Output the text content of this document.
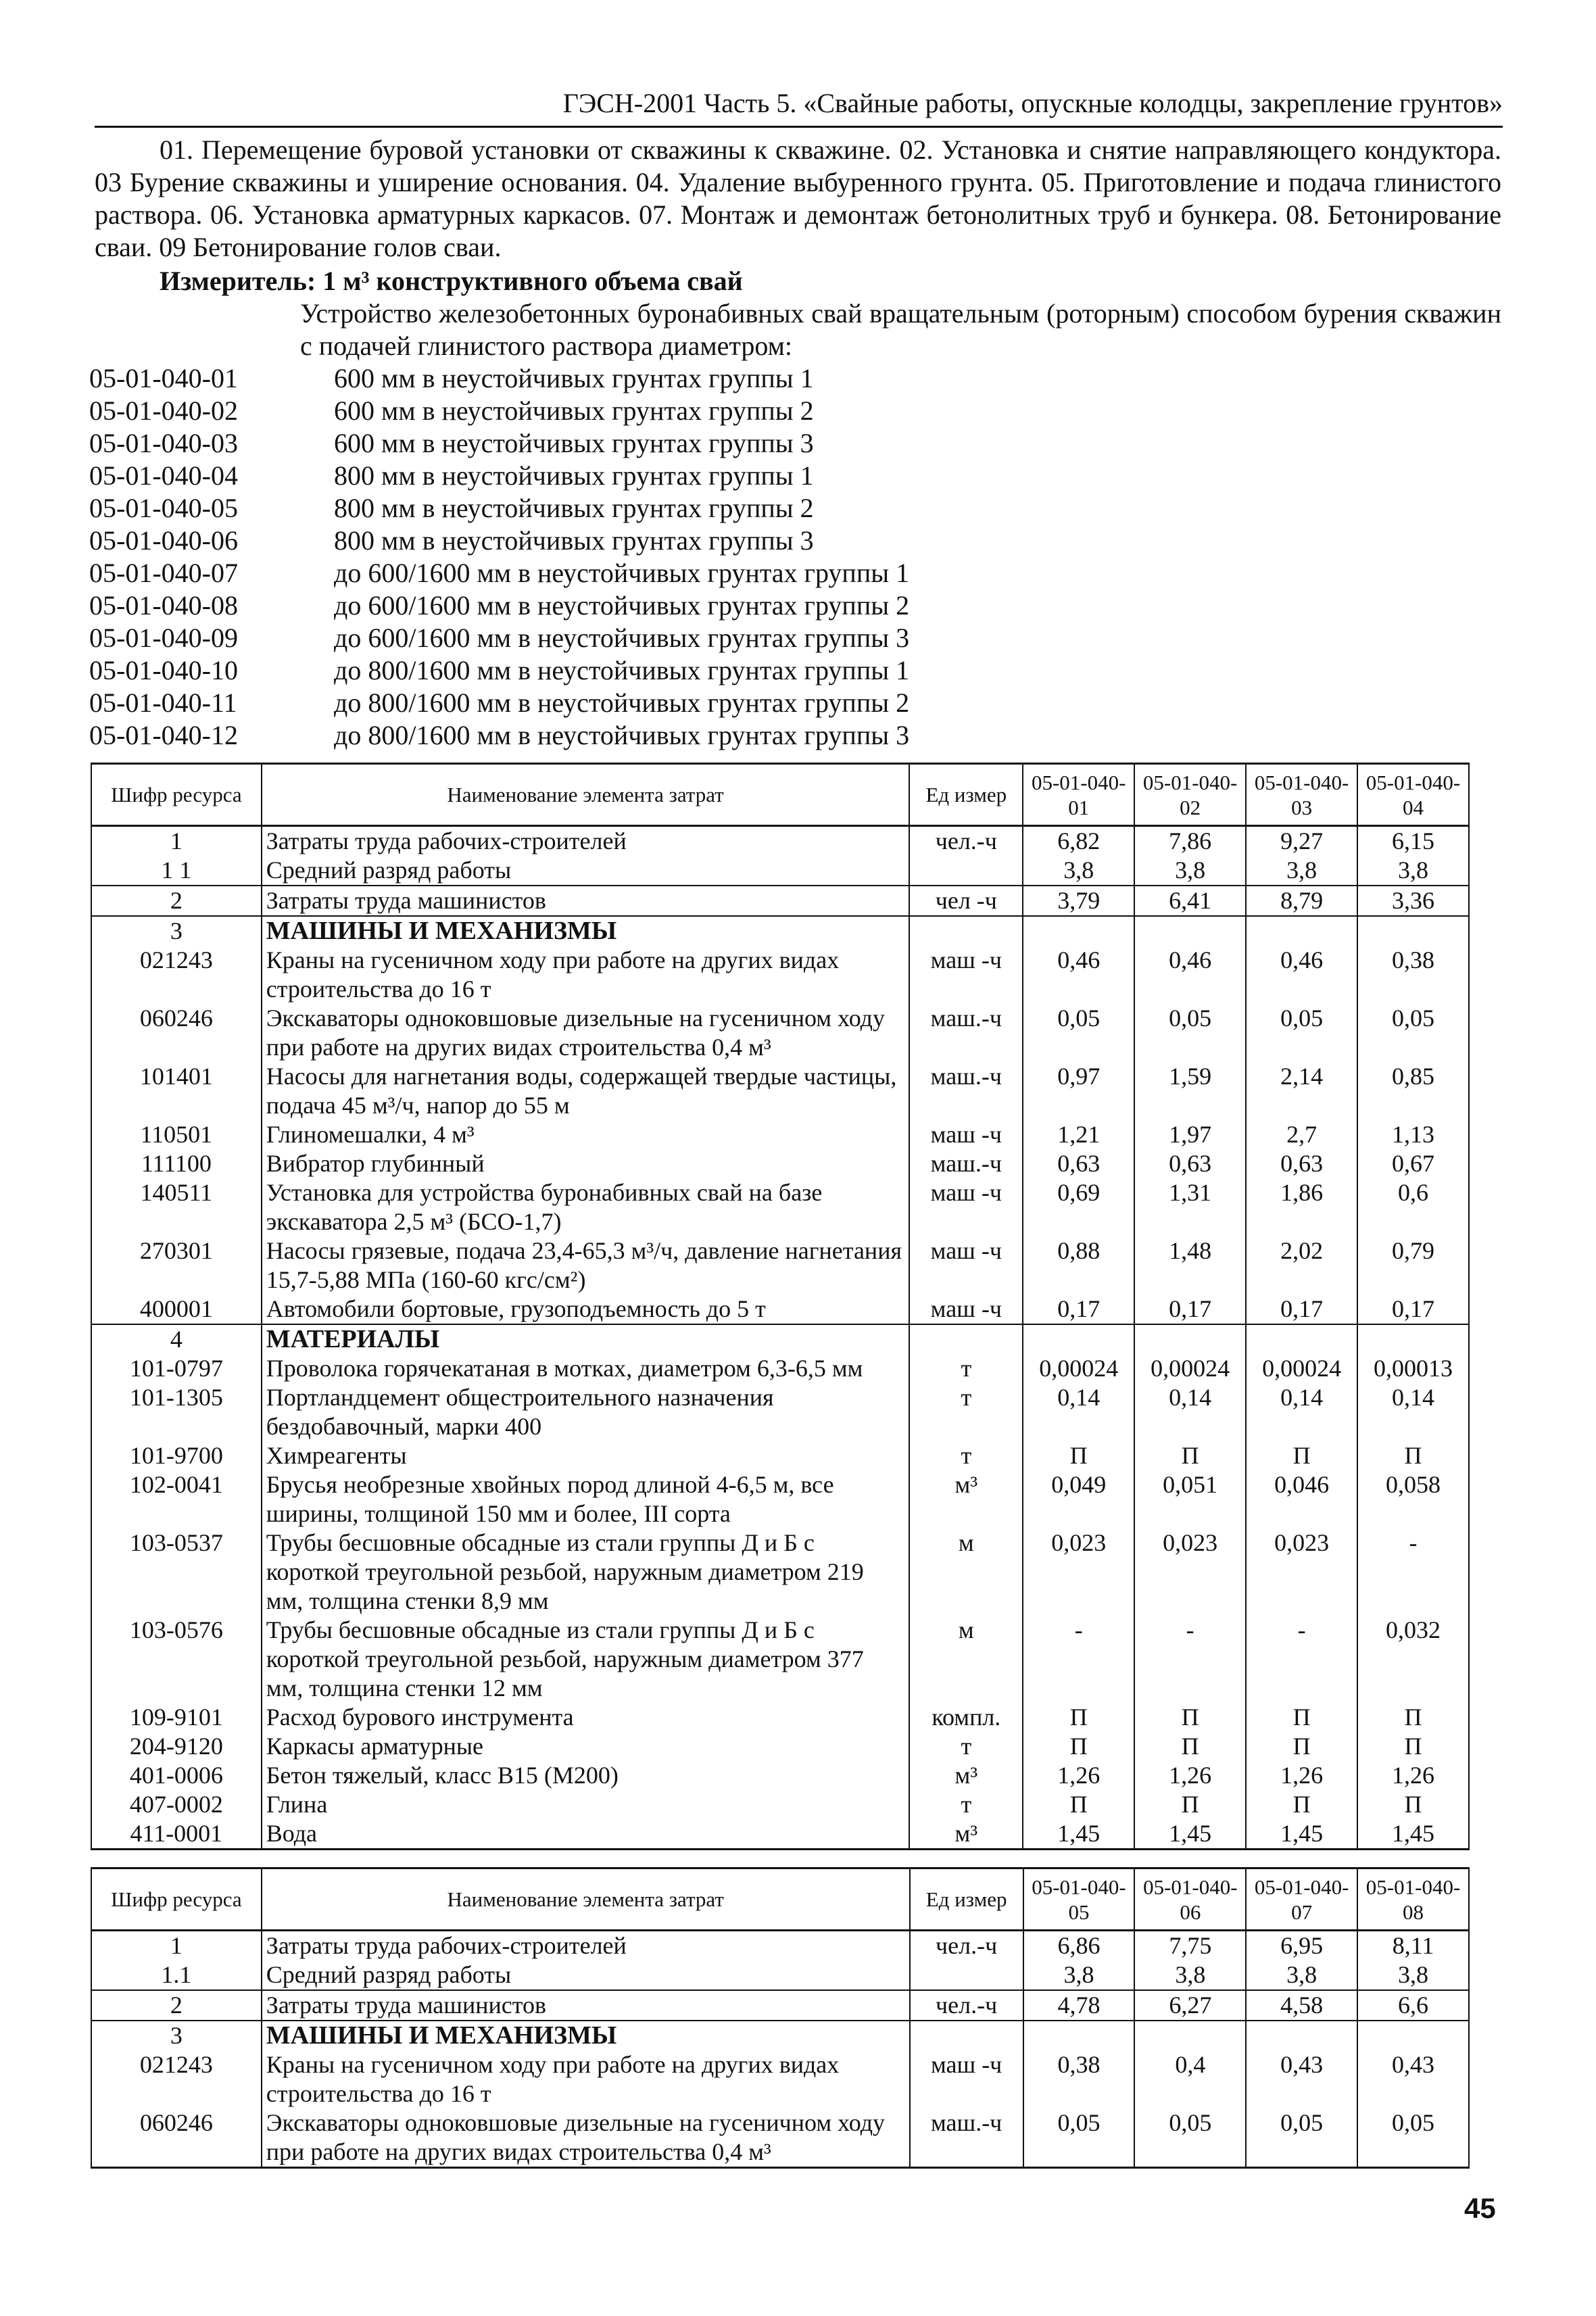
ГЭСН-2001 Часть 5. «Свайные работы, опускные колодцы, закрепление грунтов»

01. Перемещение буровой установки от скважины к скважине. 02. Установка и снятие направляющего кондуктора. 03 Бурение скважины и уширение основания. 04. Удаление выбуренного грунта. 05. Приготовление и подача глинистого раствора. 06. Установка арматурных каркасов. 07. Монтаж и демонтаж бетонолитных труб и бункера. 08. Бетонирование сваи. 09 Бетонирование голов сваи.

Измеритель: 1 м³ конструктивного объема свай

Устройство железобетонных буронабивных свай вращательным (роторным) способом бурения скважин с подачей глинистого раствора диаметром:

05-01-040-01	600 мм в неустойчивых грунтах группы 1
05-01-040-02	600 мм в неустойчивых грунтах группы 2
05-01-040-03	600 мм в неустойчивых грунтах группы 3
05-01-040-04	800 мм в неустойчивых грунтах группы 1
05-01-040-05	800 мм в неустойчивых грунтах группы 2
05-01-040-06	800 мм в неустойчивых грунтах группы 3
05-01-040-07	до 600/1600 мм в неустойчивых грунтах группы 1
05-01-040-08	до 600/1600 мм в неустойчивых грунтах группы 2
05-01-040-09	до 600/1600 мм в неустойчивых грунтах группы 3
05-01-040-10	до 800/1600 мм в неустойчивых грунтах группы 1
05-01-040-11	до 800/1600 мм в неустойчивых грунтах группы 2
05-01-040-12	до 800/1600 мм в неустойчивых грунтах группы 3
Шифр ресурса	Наименование элемента затрат	Ед измер	05-01-040-01	05-01-040-02	05-01-040-03	05-01-040-04
1	Затраты труда рабочих-строителей	чел.-ч	6,82	7,86	9,27	6,15
1 1	Средний разряд работы		3,8	3,8	3,8	3,8
2	Затраты труда машинистов	чел -ч	3,79	6,41	8,79	3,36
3	МАШИНЫ И МЕХАНИЗМЫ					
021243	Краны на гусеничном ходу при работе на других видах строительства до 16 т	маш -ч	0,46	0,46	0,46	0,38
060246	Экскаваторы одноковшовые дизельные на гусеничном ходу при работе на других видах строительства 0,4 м³	маш.-ч	0,05	0,05	0,05	0,05
101401	Насосы для нагнетания воды, содержащей твердые частицы, подача 45 м³/ч, напор до 55 м	маш.-ч	0,97	1,59	2,14	0,85
110501	Глиномешалки, 4 м³	маш -ч	1,21	1,97	2,7	1,13
111100	Вибратор глубинный	маш.-ч	0,63	0,63	0,63	0,67
140511	Установка для устройства буронабивных свай на базе экскаватора 2,5 м³ (БСО-1,7)	маш -ч	0,69	1,31	1,86	0,6
270301	Насосы грязевые, подача 23,4-65,3 м³/ч, давление нагнетания 15,7-5,88 МПа (160-60 кгс/см²)	маш -ч	0,88	1,48	2,02	0,79
400001	Автомобили бортовые, грузоподъемность до 5 т	маш -ч	0,17	0,17	0,17	0,17
4	МАТЕРИАЛЫ					
101-0797	Проволока горячекатаная в мотках, диаметром 6,3-6,5 мм	т	0,00024	0,00024	0,00024	0,00013
101-1305	Портландцемент общестроительного назначения бездобавочный, марки 400	т	0,14	0,14	0,14	0,14
101-9700	Химреагенты	т	П	П	П	П
102-0041	Брусья необрезные хвойных пород длиной 4-6,5 м, все ширины, толщиной 150 мм и более, III сорта	м³	0,049	0,051	0,046	0,058
103-0537	Трубы бесшовные обсадные из стали группы Д и Б с короткой треугольной резьбой, наружным диаметром 219 мм, толщина стенки 8,9 мм	м	0,023	0,023	0,023	-
103-0576	Трубы бесшовные обсадные из стали группы Д и Б с короткой треугольной резьбой, наружным диаметром 377 мм, толщина стенки 12 мм	м	-	-	-	0,032
109-9101	Расход бурового инструмента	компл.	П	П	П	П
204-9120	Каркасы арматурные	т	П	П	П	П
401-0006	Бетон тяжелый, класс В15 (М200)	м³	1,26	1,26	1,26	1,26
407-0002	Глина	т	П	П	П	П
411-0001	Вода	м³	1,45	1,45	1,45	1,45
Шифр ресурса	Наименование элемента затрат	Ед измер	05-01-040-05	05-01-040-06	05-01-040-07	05-01-040-08
1	Затраты труда рабочих-строителей	чел.-ч	6,86	7,75	6,95	8,11
1.1	Средний разряд работы		3,8	3,8	3,8	3,8
2	Затраты труда машинистов	чел.-ч	4,78	6,27	4,58	6,6
3	МАШИНЫ И МЕХАНИЗМЫ					
021243	Краны на гусеничном ходу при работе на других видах строительства до 16 т	маш -ч	0,38	0,4	0,43	0,43
060246	Экскаваторы одноковшовые дизельные на гусеничном ходу при работе на других видах строительства 0,4 м³	маш.-ч	0,05	0,05	0,05	0,05
45
